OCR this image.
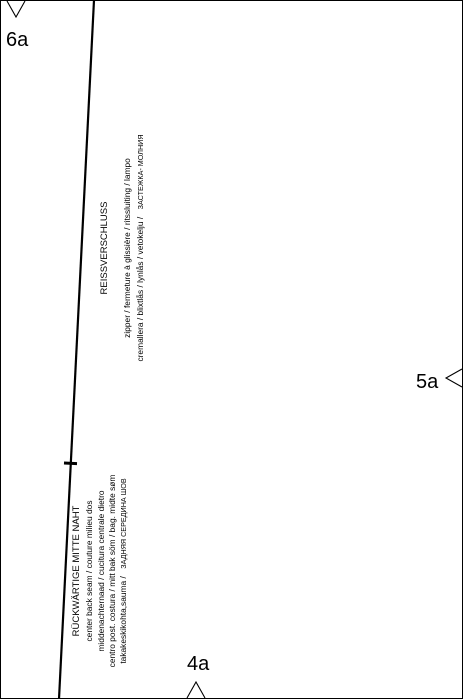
6a
5a
4a
REISSVERSCHLUSS zipper / fermeture à glissière / ritssluiting / lampo cremallera / blixtlås / lynlås / vetokelju / ЗАСТЕЖКА- МОЛНИЯ
RÜCKWÄRTIGE MITTE NAHT center back seam / couture milieu dos middenachternaad / cucitura centrale dietro centro post. costura / mitt bak söm / bag. midte søm takakeskikohta,sauma / ЗАДНЯЯ СЕРЕДИНА ШОВ
